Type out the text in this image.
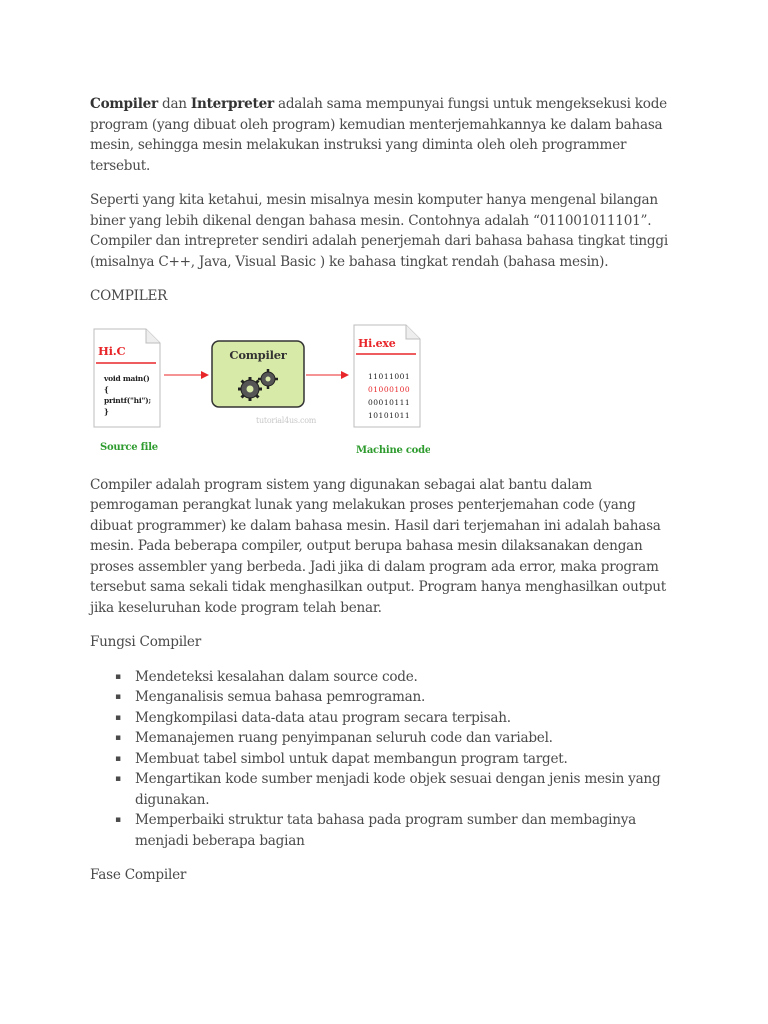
Compiler dan Interpreter adalah sama mempunyai fungsi untuk mengeksekusi kode program (yang dibuat oleh program) kemudian menterjemahkannya ke dalam bahasa mesin, sehingga mesin melakukan instruksi yang diminta oleh oleh programmer tersebut.

Seperti yang kita ketahui, mesin misalnya mesin komputer hanya mengenal bilangan biner yang lebih dikenal dengan bahasa mesin. Contohnya adalah “011001011101”. Compiler dan intrepreter sendiri adalah penerjemah dari bahasa bahasa tingkat tinggi (misalnya C++, Java, Visual Basic ) ke bahasa tingkat rendah (bahasa mesin).

COMPILER

Hi.C
void main()
{
printf("hi");
}
Source file
Compiler
tutorial4us.com
Hi.exe
11011001
01000100
00010111
10101011
Machine code

Compiler adalah program sistem yang digunakan sebagai alat bantu dalam pemrogaman perangkat lunak yang melakukan proses penterjemahan code (yang dibuat programmer) ke dalam bahasa mesin. Hasil dari terjemahan ini adalah bahasa mesin. Pada beberapa compiler, output berupa bahasa mesin dilaksanakan dengan proses assembler yang berbeda. Jadi jika di dalam program ada error, maka program tersebut sama sekali tidak menghasilkan output. Program hanya menghasilkan output jika keseluruhan kode program telah benar.

Fungsi Compiler

▪ Mendeteksi kesalahan dalam source code.
▪ Menganalisis semua bahasa pemrograman.
▪ Mengkompilasi data-data atau program secara terpisah.
▪ Memanajemen ruang penyimpanan seluruh code dan variabel.
▪ Membuat tabel simbol untuk dapat membangun program target.
▪ Mengartikan kode sumber menjadi kode objek sesuai dengan jenis mesin yang digunakan.
▪ Memperbaiki struktur tata bahasa pada program sumber dan membaginya menjadi beberapa bagian

Fase Compiler
